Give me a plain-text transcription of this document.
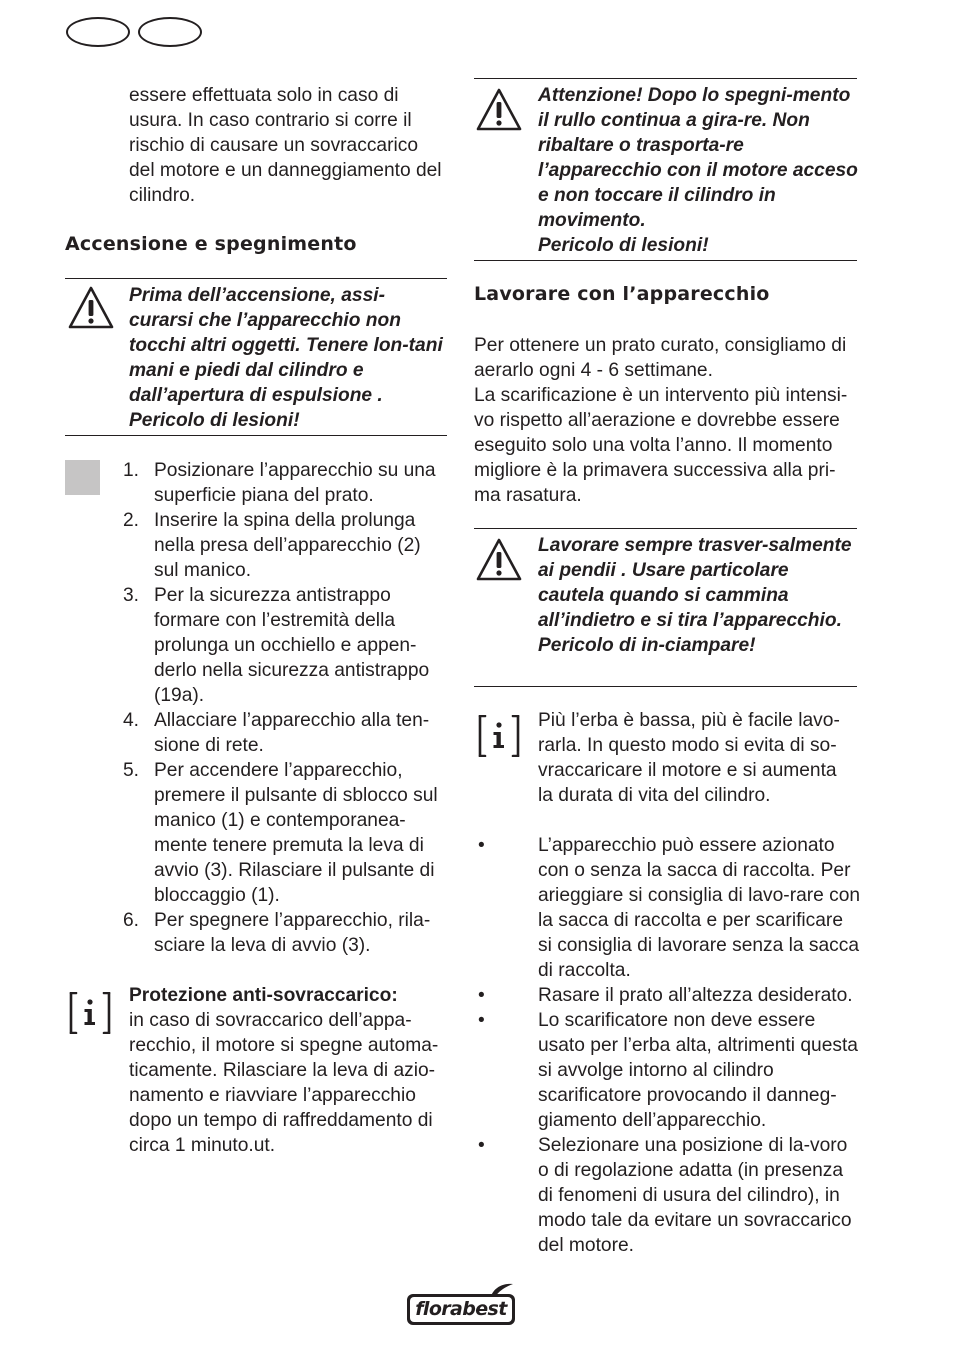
essere effettuata solo in caso di usura. In caso contrario si corre il rischio di causare un sovraccarico del motore e un danneggiamento del cilindro.
Accensione e spegnimento
Prima dell’accensione, assi-curarsi che l’apparecchio non tocchi altri oggetti. Tenere lon-tani mani e piedi dal cilindro e dall’apertura di espulsione . Pericolo di lesioni!
1. Posizionare l’apparecchio su una superficie piana del prato.
2. Inserire la spina della prolunga nella presa dell’apparecchio (2) sul manico.
3. Per la sicurezza antistrappo formare con l’estremità della prolunga un occhiello e appen-derlo nella sicurezza antistrappo (19a).
4. Allacciare l’apparecchio alla ten-sione di rete.
5. Per accendere l’apparecchio, premere il pulsante di sblocco sul manico (1) e contemporanea-mente tenere premuta la leva di avvio (3). Rilasciare il pulsante di bloccaggio (1).
6. Per spegnere l’apparecchio, rila-sciare la leva di avvio (3).
Protezione anti-sovraccarico:
in caso di sovraccarico dell’appa-recchio, il motore si spegne automa-ticamente. Rilasciare la leva di azio-namento e riavviare l’apparecchio dopo un tempo di raffreddamento di circa 1 minuto.ut.
Attenzione! Dopo lo spegni-mento il rullo continua a gira-re. Non ribaltare o trasporta-re l’apparecchio con il motore acceso e non toccare il cilindro in movimento.
Pericolo di lesioni!
Lavorare con l’apparecchio
Per ottenere un prato curato, consigliamo di aerarlo ogni 4 - 6 settimane.
La scarificazione è un intervento più intensi-vo rispetto all’aerazione e dovrebbe essere eseguito solo una volta l’anno. Il momento migliore è la primavera successiva alla pri-ma rasatura.
Lavorare sempre trasver-salmente ai pendii . Usare particolare cautela quando si cammina all’indietro e si tira l’apparecchio. Pericolo di in-ciampare!
Più l’erba è bassa, più è facile lavo-rarla. In questo modo si evita di so-vraccaricare il motore e si aumenta la durata di vita del cilindro.
•	L’apparecchio può essere azionato con o senza la sacca di raccolta. Per arieggiare si consiglia di lavo-rare con la sacca di raccolta e per scarificare si consiglia di lavorare senza la sacca di raccolta.
•	Rasare il prato all’altezza desiderato.
•	Lo scarificatore non deve essere usato per l’erba alta, altrimenti questa si avvolge intorno al cilindro scarificatore provocando il danneg-giamento dell’apparecchio.
•	Selezionare una posizione di la-voro o di regolazione adatta (in presenza di fenomeni di usura del cilindro), in modo tale da evitare un sovraccarico del motore.
florabest
